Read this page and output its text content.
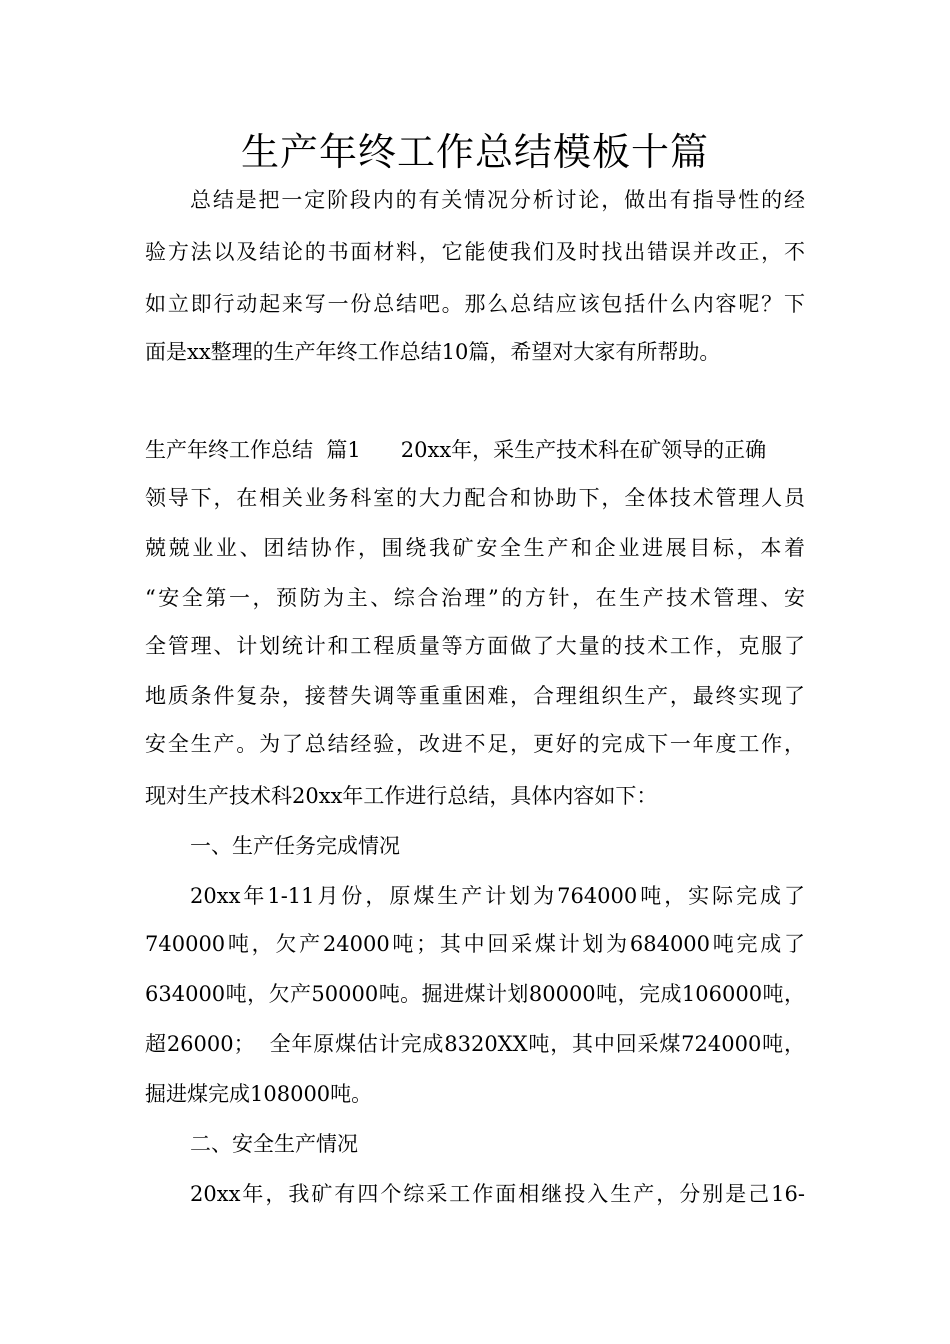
生产年终工作总结模板十篇
总结是把一定阶段内的有关情况分析讨论，做出有指导性的经
验方法以及结论的书面材料，它能使我们及时找出错误并改正，不
如立即行动起来写一份总结吧。那么总结应该包括什么内容呢？下
面是xx整理的生产年终工作总结10篇，希望对大家有所帮助。
生产年终工作总结  篇1      20xx年，采生产技术科在矿领导的正确
领导下，在相关业务科室的大力配合和协助下，全体技术管理人员
兢兢业业、团结协作，围绕我矿安全生产和企业进展目标，本着
“安全第一，预防为主、综合治理”的方针，在生产技术管理、安
全管理、计划统计和工程质量等方面做了大量的技术工作，克服了
地质条件复杂，接替失调等重重困难，合理组织生产，最终实现了
安全生产。为了总结经验，改进不足，更好的完成下一年度工作，
现对生产技术科20xx年工作进行总结，具体内容如下：
一、生产任务完成情况
20xx年1-11月份，原煤生产计划为764000吨，实际完成了
740000吨，欠产24000吨；其中回采煤计划为684000吨完成了
634000吨，欠产50000吨。掘进煤计划80000吨，完成106000吨，
超26000；  全年原煤估计完成8320XX吨，其中回采煤724000吨，
掘进煤完成108000吨。
二、安全生产情况
20xx年，我矿有四个综采工作面相继投入生产，分别是己16-
